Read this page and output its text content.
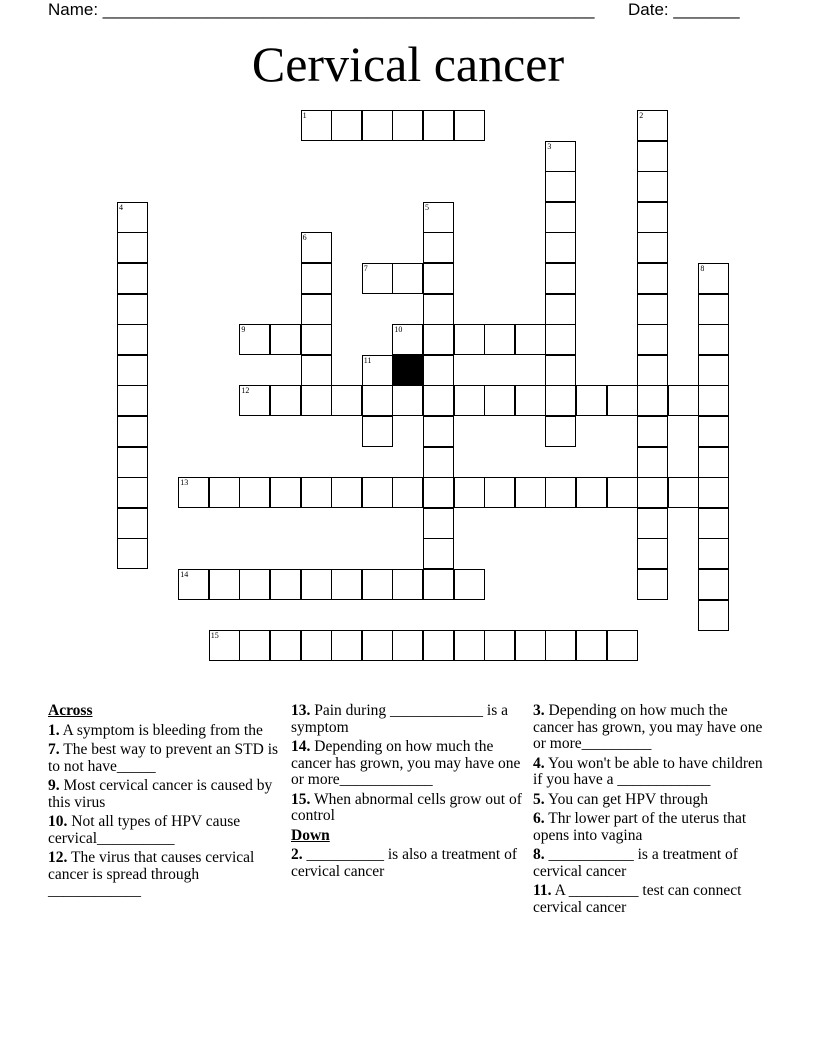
Name: ____________________________________________________ Date: _______
Cervical cancer
1	2
3
4	5
6
7	8
9	10
11
12
13
14
15
Across
1. A symptom is bleeding from the
7. The best way to prevent an STD is to not have_____
9. Most cervical cancer is caused by this virus
10. Not all types of HPV cause cervical__________
12. The virus that causes cervical cancer is spread through ____________
13. Pain during ____________ is a symptom
14. Depending on how much the cancer has grown, you may have one or more____________
15. When abnormal cells grow out of control
Down
2. __________ is also a treatment of cervical cancer
3. Depending on how much the cancer has grown, you may have one or more_________
4. You won't be able to have children if you have a ____________
5. You can get HPV through
6. Thr lower part of the uterus that opens into vagina
8. ___________ is a treatment of cervical cancer
11. A _________ test can connect cervical cancer
